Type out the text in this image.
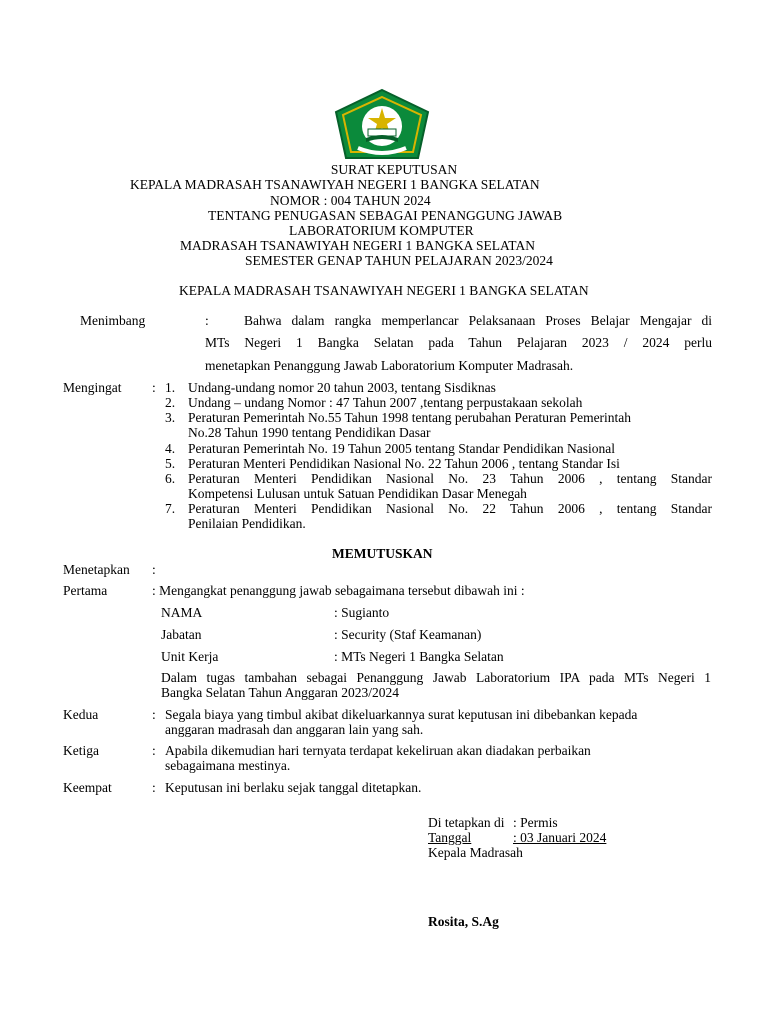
SURAT KEPUTUSAN
KEPALA MADRASAH TSANAWIYAH NEGERI 1 BANGKA SELATAN
NOMOR : 004 TAHUN 2024
TENTANG PENUGASAN SEBAGAI PENANGGUNG JAWAB
LABORATORIUM KOMPUTER
MADRASAH TSANAWIYAH NEGERI 1 BANGKA SELATAN
SEMESTER GENAP TAHUN PELAJARAN 2023/2024
KEPALA MADRASAH TSANAWIYAH NEGERI 1 BANGKA SELATAN
Menimbang	:	Bahwa dalam rangka memperlancar Pelaksanaan Proses Belajar Mengajar di
MTs Negeri 1 Bangka Selatan pada Tahun Pelajaran 2023 / 2024 perlu
menetapkan Penanggung Jawab Laboratorium Komputer Madrasah.
Mengingat : 1. Undang-undang nomor 20 tahun 2003, tentang Sisdiknas
2. Undang – undang Nomor : 47 Tahun 2007 ,tentang perpustakaan sekolah
3. Peraturan Pemerintah No.55 Tahun 1998 tentang perubahan Peraturan Pemerintah
No.28 Tahun 1990 tentang Pendidikan Dasar
4. Peraturan Pemerintah No. 19 Tahun 2005 tentang Standar Pendidikan Nasional
5. Peraturan Menteri Pendidikan Nasional No. 22 Tahun 2006 , tentang Standar Isi
6. Peraturan Menteri Pendidikan Nasional No. 23 Tahun 2006 , tentang Standar
Kompetensi Lulusan untuk Satuan Pendidikan Dasar Menegah
7. Peraturan Menteri Pendidikan Nasional No. 22 Tahun 2006 , tentang Standar
Penilaian Pendidikan.
MEMUTUSKAN
Menetapkan :
Pertama	: Mengangkat penanggung jawab sebagaimana tersebut dibawah ini :
NAMA	: Sugianto
Jabatan	: Security (Staf Keamanan)
Unit Kerja	: MTs Negeri 1 Bangka Selatan
Dalam tugas tambahan sebagai Penanggung Jawab Laboratorium IPA pada MTs Negeri 1
Bangka Selatan Tahun Anggaran 2023/2024
Kedua	: Segala biaya yang timbul akibat dikeluarkannya surat keputusan ini dibebankan kepada
anggaran madrasah dan anggaran lain yang sah.
Ketiga	: Apabila dikemudian hari ternyata terdapat kekeliruan akan diadakan perbaikan
sebagaimana mestinya.
Keempat	: Keputusan ini berlaku sejak tanggal ditetapkan.
Di tetapkan di : Permis
Tanggal	: 03 Januari 2024
Kepala Madrasah
Rosita, S.Ag
